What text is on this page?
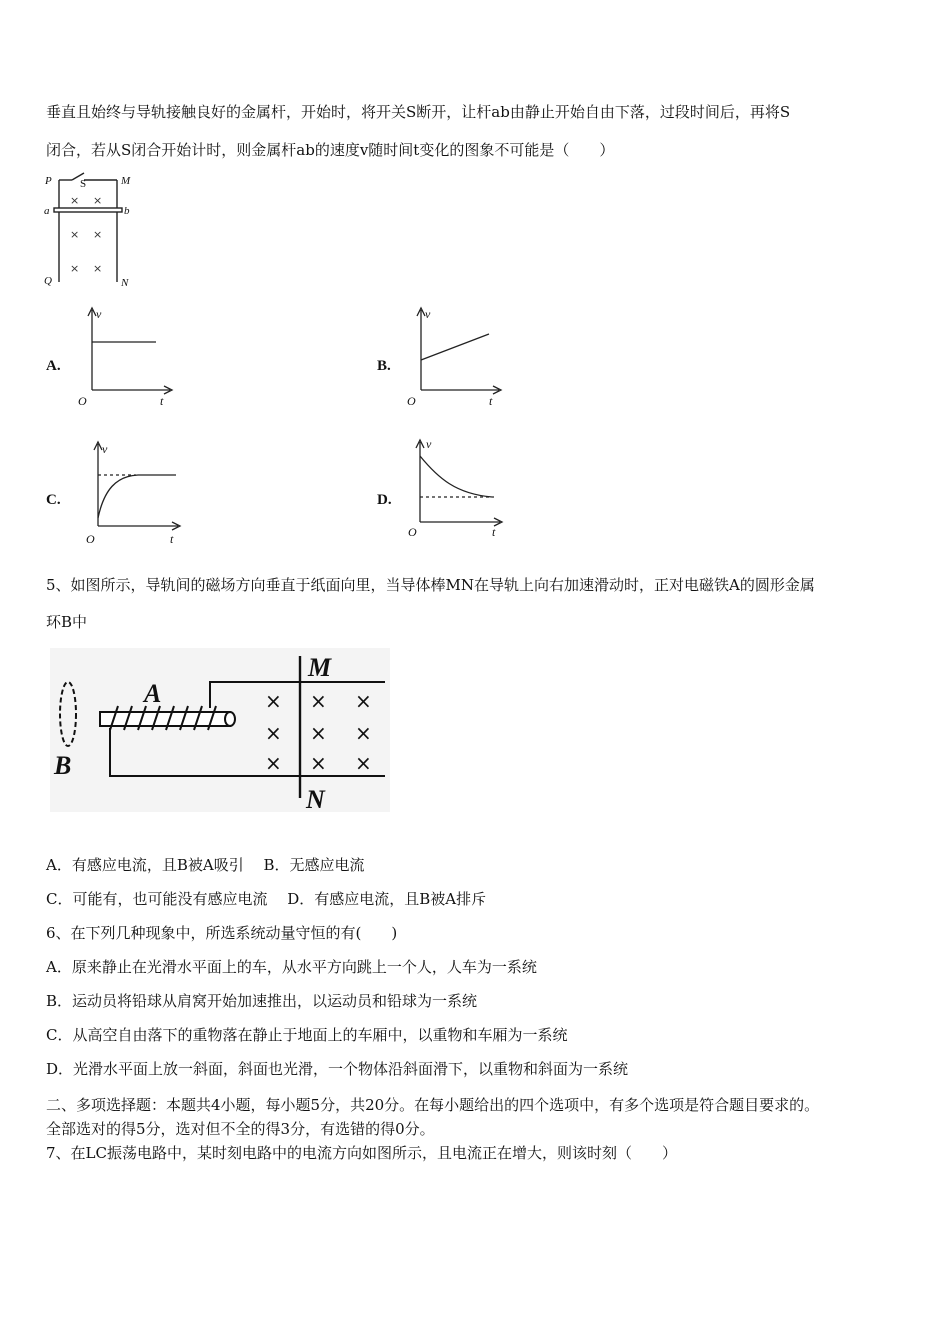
垂直且始终与导轨接触良好的金属杆，开始时，将开关S断开，让杆ab由静止开始自由下落，过段时间后，再将S
闭合，若从S闭合开始计时，则金属杆ab的速度v随时间t变化的图象不可能是（　　）
× ×
× ×
× ×
P	S	M
a	b
Q	N
A.
v
O	t
B.
v
O	t
C.
v
O	t
D.
v
O	t
5、如图所示，导轨间的磁场方向垂直于纸面向里，当导体棒MN在导轨上向右加速滑动时，正对电磁铁A的圆形金属
环B中
× × ×
× × ×
× × ×
A
B
M
N
A．有感应电流，且B被A吸引　 B．无感应电流
C．可能有，也可能没有感应电流　 D．有感应电流，且B被A排斥
6、在下列几种现象中，所选系统动量守恒的有(　　)
A．原来静止在光滑水平面上的车，从水平方向跳上一个人，人车为一系统
B．运动员将铅球从肩窝开始加速推出，以运动员和铅球为一系统
C．从高空自由落下的重物落在静止于地面上的车厢中，以重物和车厢为一系统
D．光滑水平面上放一斜面，斜面也光滑，一个物体沿斜面滑下，以重物和斜面为一系统
二、多项选择题：本题共4小题，每小题5分，共20分。在每小题给出的四个选项中，有多个选项是符合题目要求的。
全部选对的得5分，选对但不全的得3分，有选错的得0分。
7、在LC振荡电路中，某时刻电路中的电流方向如图所示，且电流正在增大，则该时刻（　　）
